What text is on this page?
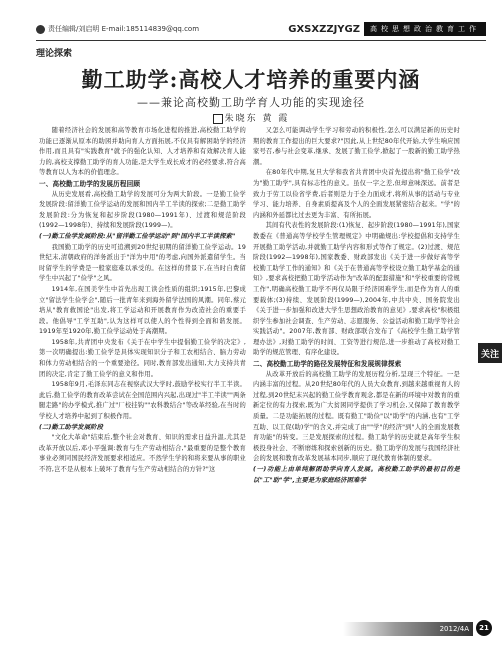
责任编辑/刘启明 E-mail:185114839@qq.com	GXSXZZJYGZ	高校思想政治教育工作
理论探索
勤工助学:高校人才培养的重要内涵
——兼论高校勤工助学育人功能的实现途径
朱晓东 黄 霞

随着经济社会的发展和高等教育市场化进程的推进,高校勤工助学的功能已逐渐从原本的助困并助向育人方面拓展,不仅具有解困助学的经济作用,而且具有"实践教育"就予的强化认知、人才培养和有效解决育人能力的,高校支撑勤工助学的育人功能,是大学生成长成才的必经要求,符合高等教育以人为本的价值理念。

一、高校勤工助学的发展历程回顾

从历史发展看,高校勤工助学的发展可分为两大阶段。一是勤工俭学发展阶段:留洋勤工俭学运动的发展和国内半工半读的探索;二是勤工助学发展阶段:分为恢复和起步阶段(1980—1991年)、过渡和规范阶段(1992—1998年)、持续和发展阶段(1999—)。

(一)勤工俭学发展阶段:从"留洋勤工俭学运动"到"国内半工半读探索"

我国勤工助学的历史可追溯到20世纪初期的留洋勤工俭学运动。19世纪末,清朝政府的洋务派出于"洋为中用"的考虑,向国外派遣留学生。当时留学生的学费是一般家庭难以承受的。在这样的背景下,在当时自费留学生中兴起了"俭学"之风。

1914年,在国美学生中首先出现工读会性质的组织;1915年,巴黎成立"留法学生俭学会",随后一批青年来到海外留学法国的风潮。同年,蔡元培从"教育救国论"出发,将工学运动和开展教育作为改造社会的重要手段。他倡导"工学互助",认为这样可以使人的个性得到全面和谐发展。1919年至1920年,勤工俭学运动处于高潮期。

1958年,共青团中央发布《关于在中学生中提倡勤工俭学的决定》,第一次明确提出:勤工俭学是具体实现知识分子和工农相结合、脑力劳动和体力劳动相结合的一个重要途径。同时,教育部发出通知,大力支持共青团的决定,肯定了勤工俭学的意义和作用。

1958年9月,毛泽东同志在视察武汉大学时,鼓励学校实行半工半读。此后,勤工俭学的教育改革尝试在全国范围内兴起,出现过"半工半读""两条腿走路"的办学模式,推广过"厂校挂钩""农科教结合"等改革经验,在当时的学校人才培养中起到了积极作用。

(二)勤工助学发展阶段

"文化大革命"结束后,整个社会对教育、知识的需求日益升温,尤其是改革开放以后,邓小平强调:教育与生产劳动相结合,"最重要的是整个教育事业必须同国民经济发展要求相适应。不然学生学的和将来要从事的职业不符,岂不是从根本上破坏了教育与生产劳动相结合的方针?"这

又怎么可能调动学生学习和劳动的积极性,怎么可以满足新的历史时期的教育工作提出的巨大要求?"因此,从上世纪80年代开始,大学生响应国家号召,参与社会变革,继承、发展了勤工俭学,掀起了一股新的勤工助学热潮。

在80年代中期,复旦大学和我省共青团中央首先提出将"勤工俭学"改为"勤工助学",具有标志性的意义。虽仅一字之差,但却意味深远。前者是致力于劳工以俭省学费,后者则是力于全力面成才,将所从事的活动与专业学习、能力培养、自身素质提高及个人的全面发展紧密结合起来。"学"的内涵和外延都比过去更为丰富、有所拓展。

其间有代表性的发展阶段:(1)恢复、起步阶段(1980—1991年),国家教委在《普通高等学校学生管理规定》中明确规出:学校提倡和支持学生开展勤工助学活动,并就勤工助学内容和形式等作了规定。(2)过渡、规范阶段(1992—1998年),国家教委、财政部发出《关于进一步做好高等学校勤工助学工作的通知》和《关于在普通高等学校设立勤工助学基金的通知》,要求高校把勤工助学活动作为"改革的配套措施"和"学校重要的常规工作",明确高校勤工助学不再仅局限于经济困难学生,而是作为育人的重要载体;(3)持续、发展阶段(1999—),2004年,中共中央、国务院发出《关于进一步加强和改进大学生思想政治教育的意见》,要求高校"积极组织学生参加社会调查、生产劳动、志愿服务、公益活动和勤工助学等社会实践活动"。2007年,教育部、财政部联合发布了《高校学生勤工助学管理办法》,对勤工助学的时间、工资等进行规范,进一步推动了高校对勤工助学的规范管理、有序化建设。

二、高校勤工助学的路径发展特征和发展规律探索

从改革开放后的高校勤工助学的发展历程分析,呈现三个特征。一是内涵丰富的过程。从20世纪80年代的人员大众教育,到越来越重视育人的过程,到20世纪末兴起的勤工俭学教育观念,都是在新的环境中对教育的重新定位的有力探索,既为广大贫困同学提供了学习机会,又保障了教育教学质量。二是功能拓展的过程。既有勤工"助俭"以"助学"的内涵,也有"工学互助、以工促(助)学"的含义,并完成了由""学"的经济"到"人的全面发展教育功能"的转变。三是发展探索的过程。勤工助学的历史就是高年学生积极投身社会、不断磨练和探索创新的历史。勤工助学的发展与我国经济社会的发展和教育改革发展基本同步,顺应了现代教育体制的要求。

(一)功能上由单纯解困助学向育人发展。高校勤工助学的最初目的是以"工"助"学",主要是为家庭经济困难学
关注
2012/4A	21
